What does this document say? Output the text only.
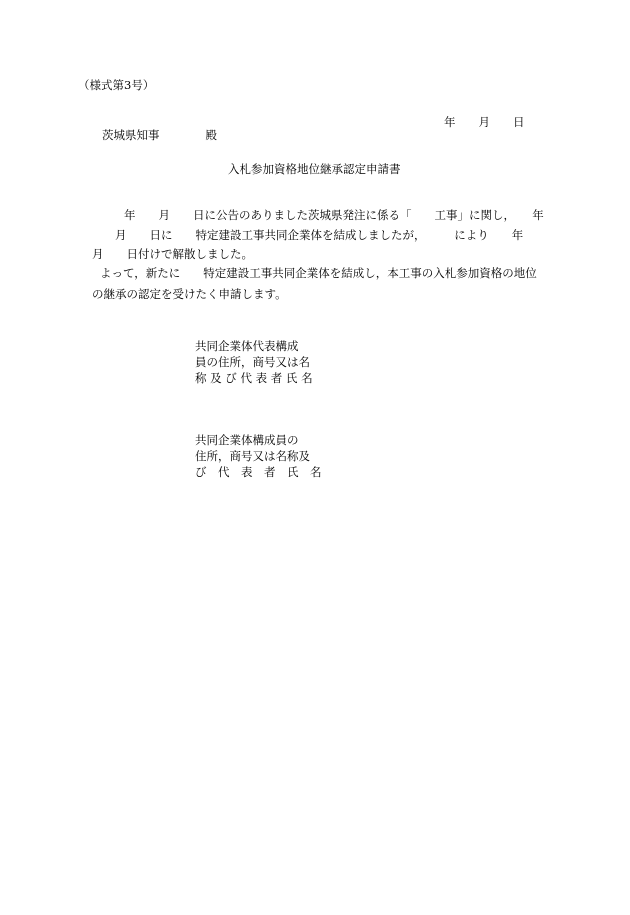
（様式第3号）
年　　月　　日
茨城県知事　　　　殿
入札参加資格地位継承認定申請書
年　　月　　日に公告のありました茨城県発注に係る「　　工事」に関し，　　年
　　月　　日に　　特定建設工事共同企業体を結成しましたが，　　　により　　年
月　　日付けで解散しました。
よって，新たに　　特定建設工事共同企業体を結成し，本工事の入札参加資格の地位
の継承の認定を受けたく申請します。
共同企業体代表構成
員の住所，商号又は名
称 及 び 代 表 者 氏 名
共同企業体構成員の
住所，商号又は名称及
び　代　表　者　氏　名
